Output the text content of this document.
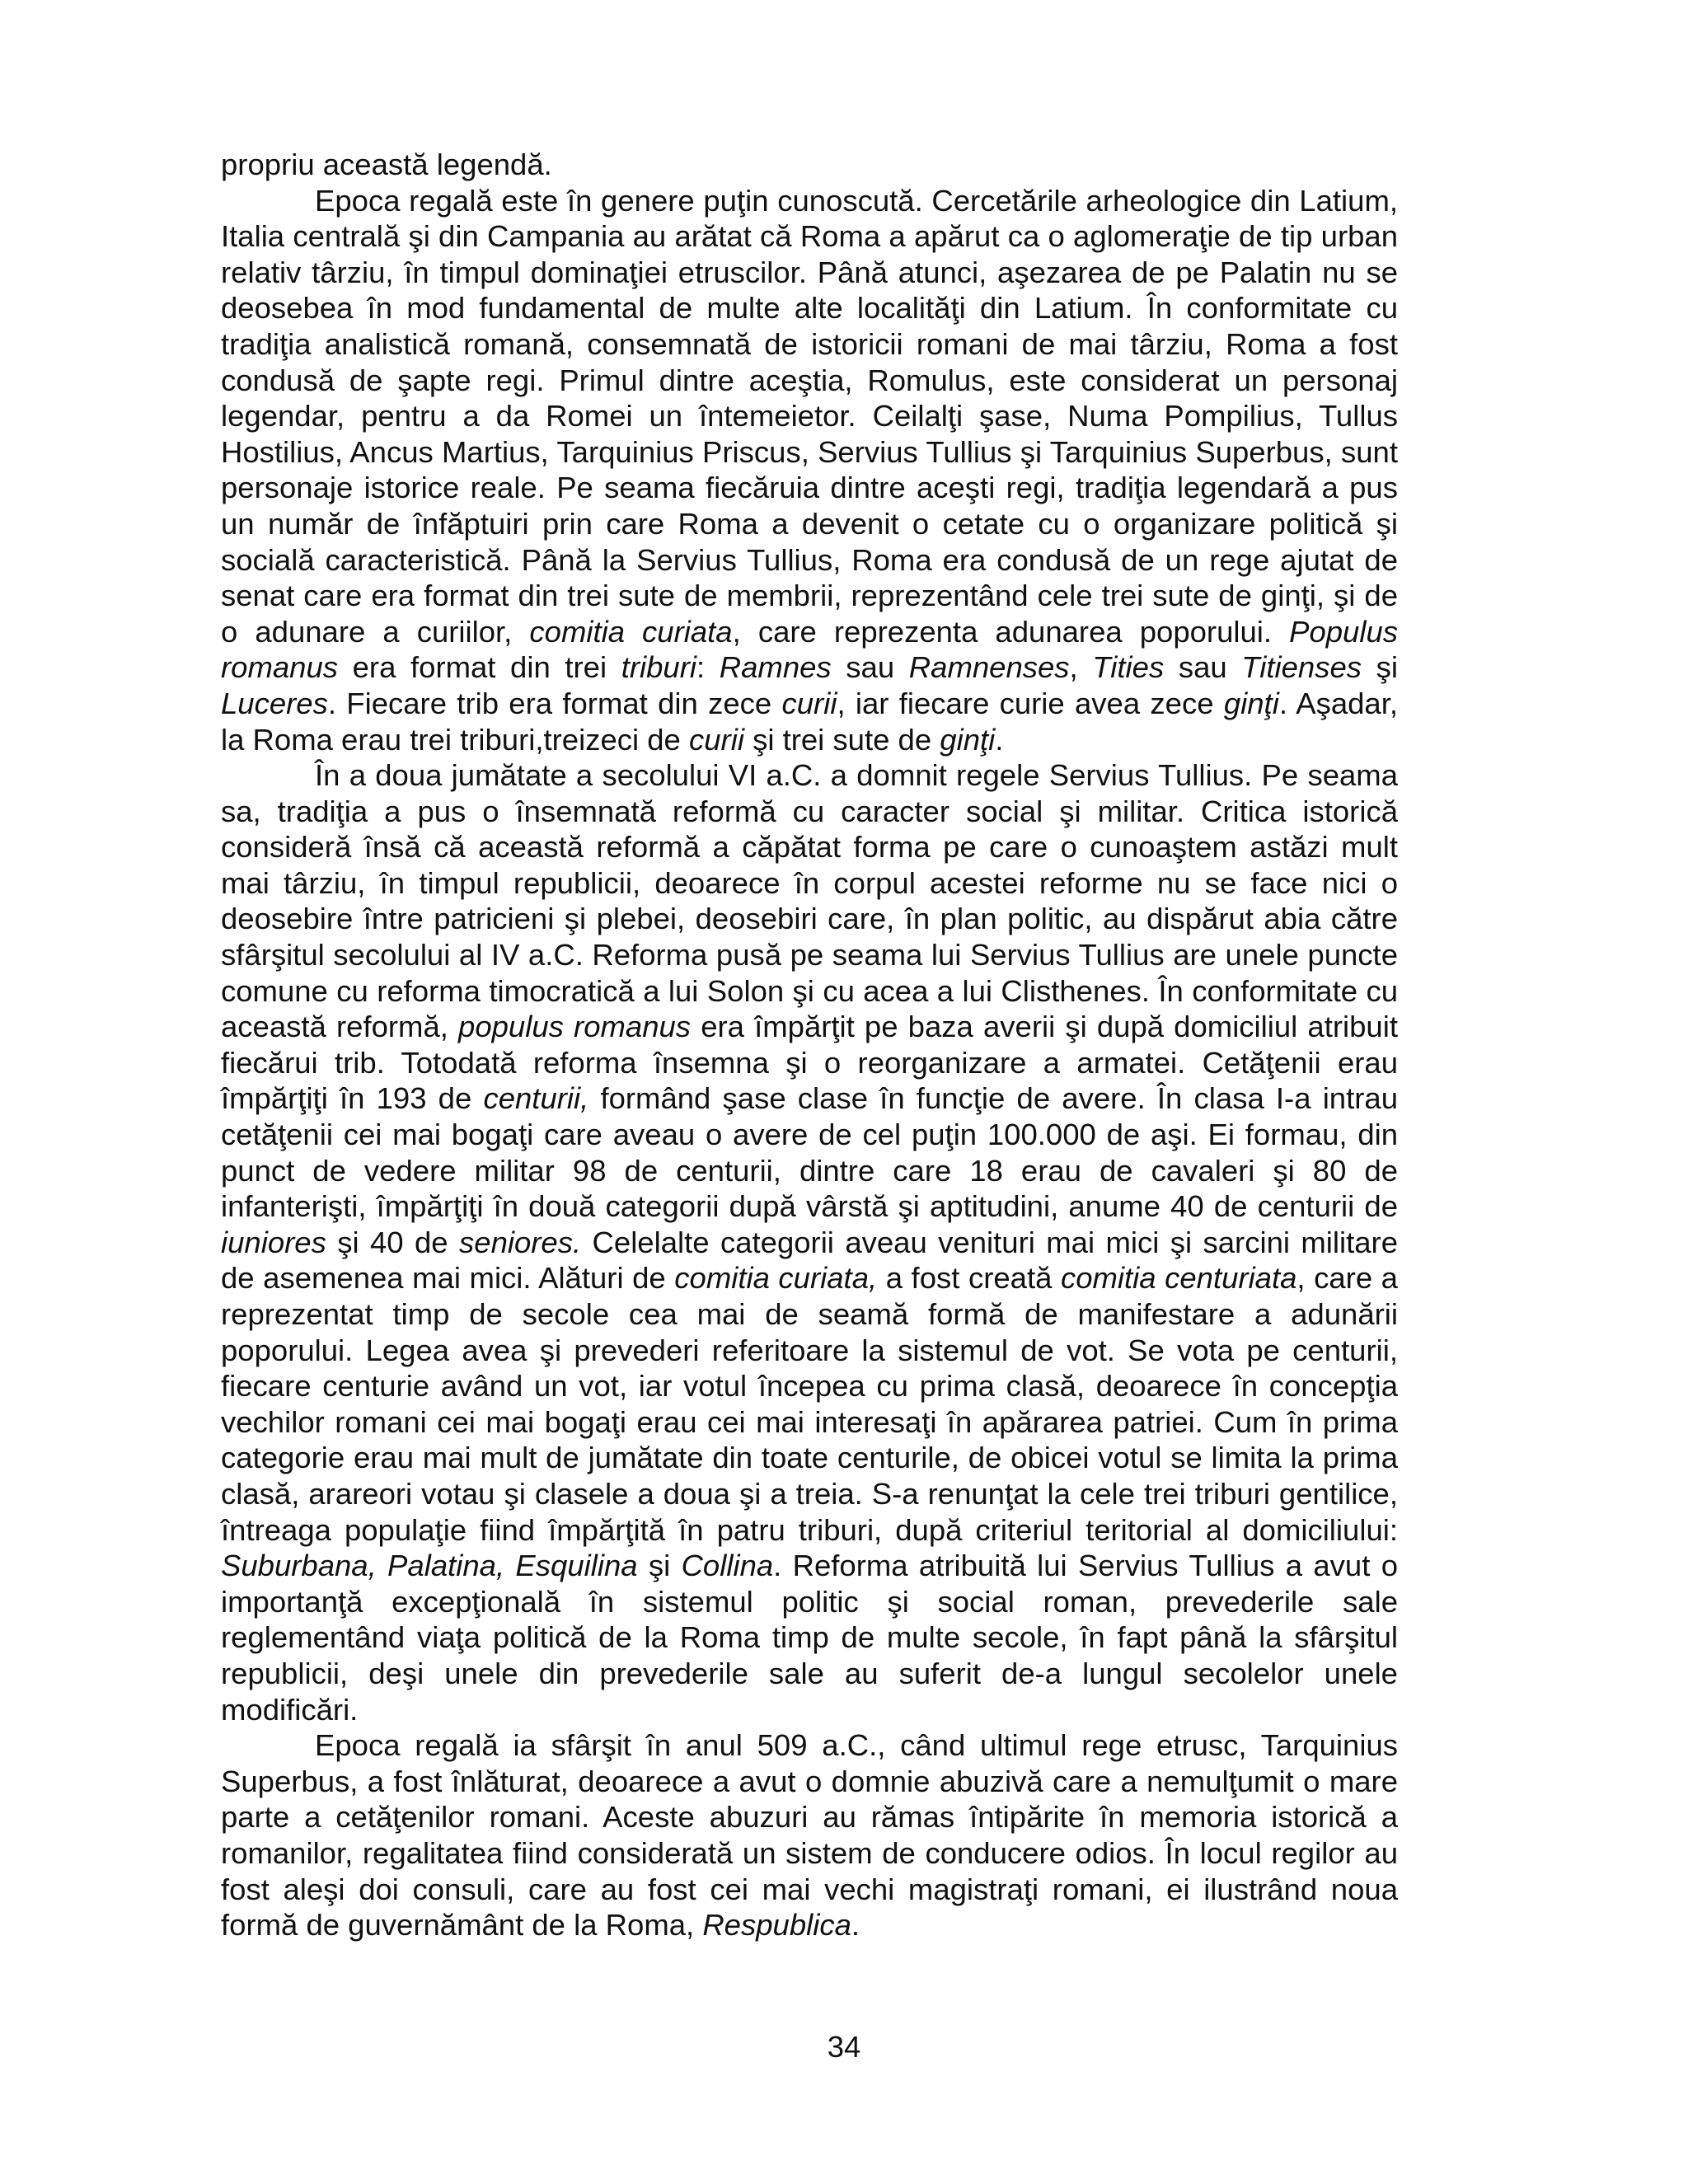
propriu această legendă.

Epoca regală este în genere puţin cunoscută. Cercetările arheologice din Latium, Italia centrală şi din Campania au arătat că Roma a apărut ca o aglomeraţie de tip urban relativ târziu, în timpul dominaţiei etruscilor. Până atunci, aşezarea de pe Palatin nu se deosebea în mod fundamental de multe alte localităţi din Latium. În conformitate cu tradiţia analistică romană, consemnată de istoricii romani de mai târziu, Roma a fost condusă de şapte regi. Primul dintre aceştia, Romulus, este considerat un personaj legendar, pentru a da Romei un întemeietor. Ceilalţi şase, Numa Pompilius, Tullus Hostilius, Ancus Martius, Tarquinius Priscus, Servius Tullius şi Tarquinius Superbus, sunt personaje istorice reale. Pe seama fiecăruia dintre aceşti regi, tradiţia legendară a pus un număr de înfăptuiri prin care Roma a devenit o cetate cu o organizare politică şi socială caracteristică. Până la Servius Tullius, Roma era condusă de un rege ajutat de senat care era format din trei sute de membrii, reprezentând cele trei sute de ginţi, şi de o adunare a curiilor, comitia curiata, care reprezenta adunarea poporului. Populus romanus era format din trei triburi: Ramnes sau Ramnenses, Tities sau Titienses şi Luceres. Fiecare trib era format din zece curii, iar fiecare curie avea zece ginţi. Aşadar, la Roma erau trei triburi,treizeci de curii şi trei sute de ginţi.

În a doua jumătate a secolului VI a.C. a domnit regele Servius Tullius. Pe seama sa, tradiţia a pus o însemnată reformă cu caracter social şi militar. Critica istorică consideră însă că această reformă a căpătat forma pe care o cunoaştem astăzi mult mai târziu, în timpul republicii, deoarece în corpul acestei reforme nu se face nici o deosebire între patricieni şi plebei, deosebiri care, în plan politic, au dispărut abia către sfârşitul secolului al IV a.C. Reforma pusă pe seama lui Servius Tullius are unele puncte comune cu reforma timocratică a lui Solon şi cu acea a lui Clisthenes. În conformitate cu această reformă, populus romanus era împărţit pe baza averii şi după domiciliul atribuit fiecărui trib. Totodată reforma însemna şi o reorganizare a armatei. Cetăţenii erau împărţiţi în 193 de centurii, formând şase clase în funcţie de avere. În clasa I-a intrau cetăţenii cei mai bogaţi care aveau o avere de cel puţin 100.000 de aşi. Ei formau, din punct de vedere militar 98 de centurii, dintre care 18 erau de cavaleri şi 80 de infanterişti, împărţiţi în două categorii după vârstă şi aptitudini, anume 40 de centurii de iuniores şi 40 de seniores. Celelalte categorii aveau venituri mai mici şi sarcini militare de asemenea mai mici. Alături de comitia curiata, a fost creată comitia centuriata, care a reprezentat timp de secole cea mai de seamă formă de manifestare a adunării poporului. Legea avea şi prevederi referitoare la sistemul de vot. Se vota pe centurii, fiecare centurie având un vot, iar votul începea cu prima clasă, deoarece în concepţia vechilor romani cei mai bogaţi erau cei mai interesaţi în apărarea patriei. Cum în prima categorie erau mai mult de jumătate din toate centurile, de obicei votul se limita la prima clasă, arareori votau şi clasele a doua şi a treia. S-a renunţat la cele trei triburi gentilice, întreaga populaţie fiind împărţită în patru triburi, după criteriul teritorial al domiciliului: Suburbana, Palatina, Esquilina şi Collina. Reforma atribuită lui Servius Tullius a avut o importanţă excepţională în sistemul politic şi social roman, prevederile sale reglementând viaţa politică de la Roma timp de multe secole, în fapt până la sfârşitul republicii, deşi unele din prevederile sale au suferit de-a lungul secolelor unele modificări.

Epoca regală ia sfârşit în anul 509 a.C., când ultimul rege etrusc, Tarquinius Superbus, a fost înlăturat, deoarece a avut o domnie abuzivă care a nemulţumit o mare parte a cetăţenilor romani. Aceste abuzuri au rămas întipărite în memoria istorică a romanilor, regalitatea fiind considerată un sistem de conducere odios. În locul regilor au fost aleşi doi consuli, care au fost cei mai vechi magistraţi romani, ei ilustrând noua formă de guvernământ de la Roma, Respublica.

34
